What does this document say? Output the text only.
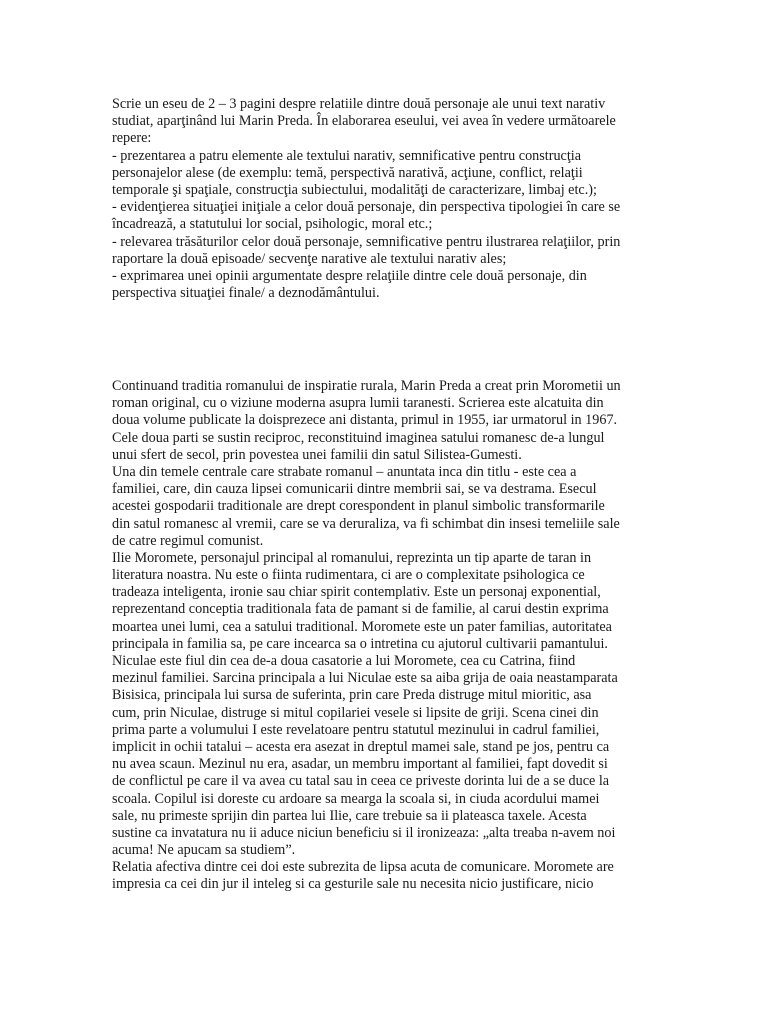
Scrie un eseu de 2 – 3 pagini despre relatiile dintre două personaje ale unui text narativ
studiat, aparţinând lui Marin Preda. În elaborarea eseului, vei avea în vedere următoarele
repere:
- prezentarea a patru elemente ale textului narativ, semnificative pentru construcţia
personajelor alese (de exemplu: temă, perspectivă narativă, acţiune, conflict, relaţii
temporale şi spaţiale, construcţia subiectului, modalităţi de caracterizare, limbaj etc.);
- evidenţierea situaţiei iniţiale a celor două personaje, din perspectiva tipologiei în care se
încadrează, a statutului lor social, psihologic, moral etc.;
- relevarea trăsăturilor celor două personaje, semnificative pentru ilustrarea relaţiilor, prin
raportare la două episoade/ secvenţe narative ale textului narativ ales;
- exprimarea unei opinii argumentate despre relaţiile dintre cele două personaje, din
perspectiva situaţiei finale/ a deznodământului.
Continuand traditia romanului de inspiratie rurala, Marin Preda a creat prin Morometii un
roman original, cu o viziune moderna asupra lumii taranesti. Scrierea este alcatuita din
doua volume publicate la doisprezece ani distanta, primul in 1955, iar urmatorul in 1967.
Cele doua parti se sustin reciproc, reconstituind imaginea satului romanesc de-a lungul
unui sfert de secol, prin povestea unei familii din satul Silistea-Gumesti.
Una din temele centrale care strabate romanul – anuntata inca din titlu - este cea a
familiei, care, din cauza lipsei comunicarii dintre membrii sai, se va destrama. Esecul
acestei gospodarii traditionale are drept corespondent in planul simbolic transformarile
din satul romanesc al vremii, care se va deruraliza, va fi schimbat din insesi temeliile sale
de catre regimul comunist.
Ilie Moromete, personajul principal al romanului, reprezinta un tip aparte de taran in
literatura noastra. Nu este o fiinta rudimentara, ci are o complexitate psihologica ce
tradeaza inteligenta, ironie sau chiar spirit contemplativ. Este un personaj exponential,
reprezentand conceptia traditionala fata de pamant si de familie, al carui destin exprima
moartea unei lumi, cea a satului traditional. Moromete este un pater familias, autoritatea
principala in familia sa, pe care incearca sa o intretina cu ajutorul cultivarii pamantului.
Niculae este fiul din cea de-a doua casatorie a lui Moromete, cea cu Catrina, fiind
mezinul familiei. Sarcina principala a lui Niculae este sa aiba grija de oaia neastamparata
Bisisica, principala lui sursa de suferinta, prin care Preda distruge mitul mioritic, asa
cum, prin Niculae, distruge si mitul copilariei vesele si lipsite de griji. Scena cinei din
prima parte a volumului I este revelatoare pentru statutul mezinului in cadrul familiei,
implicit in ochii tatalui – acesta era asezat in dreptul mamei sale, stand pe jos, pentru ca
nu avea scaun. Mezinul nu era, asadar, un membru important al familiei, fapt dovedit si
de conflictul pe care il va avea cu tatal sau in ceea ce priveste dorinta lui de a se duce la
scoala. Copilul isi doreste cu ardoare sa mearga la scoala si, in ciuda acordului mamei
sale, nu primeste sprijin din partea lui Ilie, care trebuie sa ii plateasca taxele. Acesta
sustine ca invatatura nu ii aduce niciun beneficiu si il ironizeaza: „alta treaba n-avem noi
acuma! Ne apucam sa studiem”.
Relatia afectiva dintre cei doi este subrezita de lipsa acuta de comunicare. Moromete are
impresia ca cei din jur il inteleg si ca gesturile sale nu necesita nicio justificare, nicio
